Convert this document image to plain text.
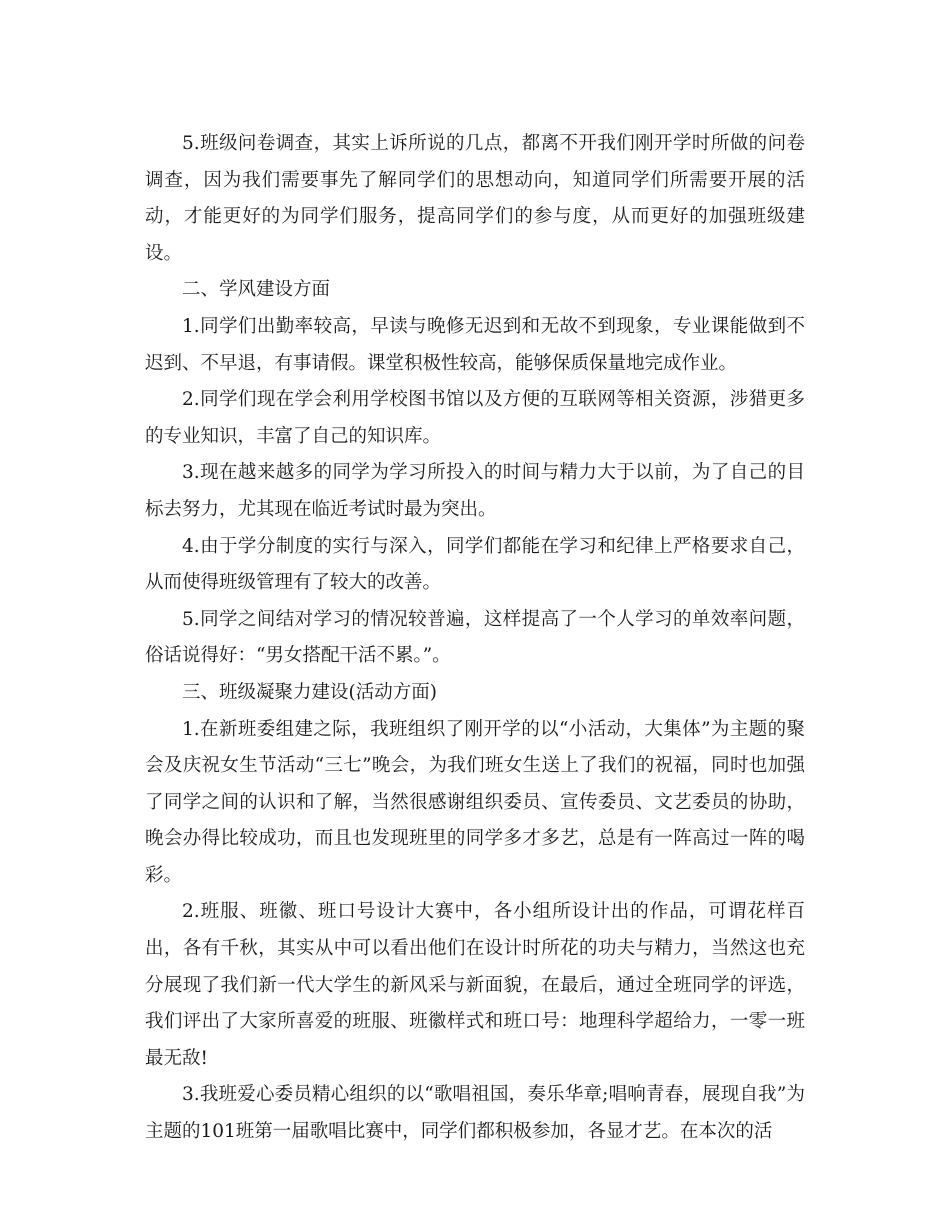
5.班级问卷调查，其实上诉所说的几点，都离不开我们刚开学时所做的问卷调查，因为我们需要事先了解同学们的思想动向，知道同学们所需要开展的活动，才能更好的为同学们服务，提高同学们的参与度，从而更好的加强班级建设。

二、学风建设方面

1.同学们出勤率较高，早读与晚修无迟到和无故不到现象，专业课能做到不迟到、不早退，有事请假。课堂积极性较高，能够保质保量地完成作业。

2.同学们现在学会利用学校图书馆以及方便的互联网等相关资源，涉猎更多的专业知识，丰富了自己的知识库。

3.现在越来越多的同学为学习所投入的时间与精力大于以前，为了自己的目标去努力，尤其现在临近考试时最为突出。

4.由于学分制度的实行与深入，同学们都能在学习和纪律上严格要求自己，从而使得班级管理有了较大的改善。

5.同学之间结对学习的情况较普遍，这样提高了一个人学习的单效率问题，俗话说得好：“男女搭配干活不累。”。

三、班级凝聚力建设(活动方面)

1.在新班委组建之际，我班组织了刚开学的以“小活动，大集体”为主题的聚会及庆祝女生节活动“三七”晚会，为我们班女生送上了我们的祝福，同时也加强了同学之间的认识和了解，当然很感谢组织委员、宣传委员、文艺委员的协助，晚会办得比较成功，而且也发现班里的同学多才多艺，总是有一阵高过一阵的喝彩。

2.班服、班徽、班口号设计大赛中，各小组所设计出的作品，可谓花样百出，各有千秋，其实从中可以看出他们在设计时所花的功夫与精力，当然这也充分展现了我们新一代大学生的新风采与新面貌，在最后，通过全班同学的评选，我们评出了大家所喜爱的班服、班徽样式和班口号：地理科学超给力，一零一班最无敌!

3.我班爱心委员精心组织的以“歌唱祖国，奏乐华章;唱响青春，展现自我”为主题的101班第一届歌唱比赛中，同学们都积极参加，各显才艺。在本次的活
